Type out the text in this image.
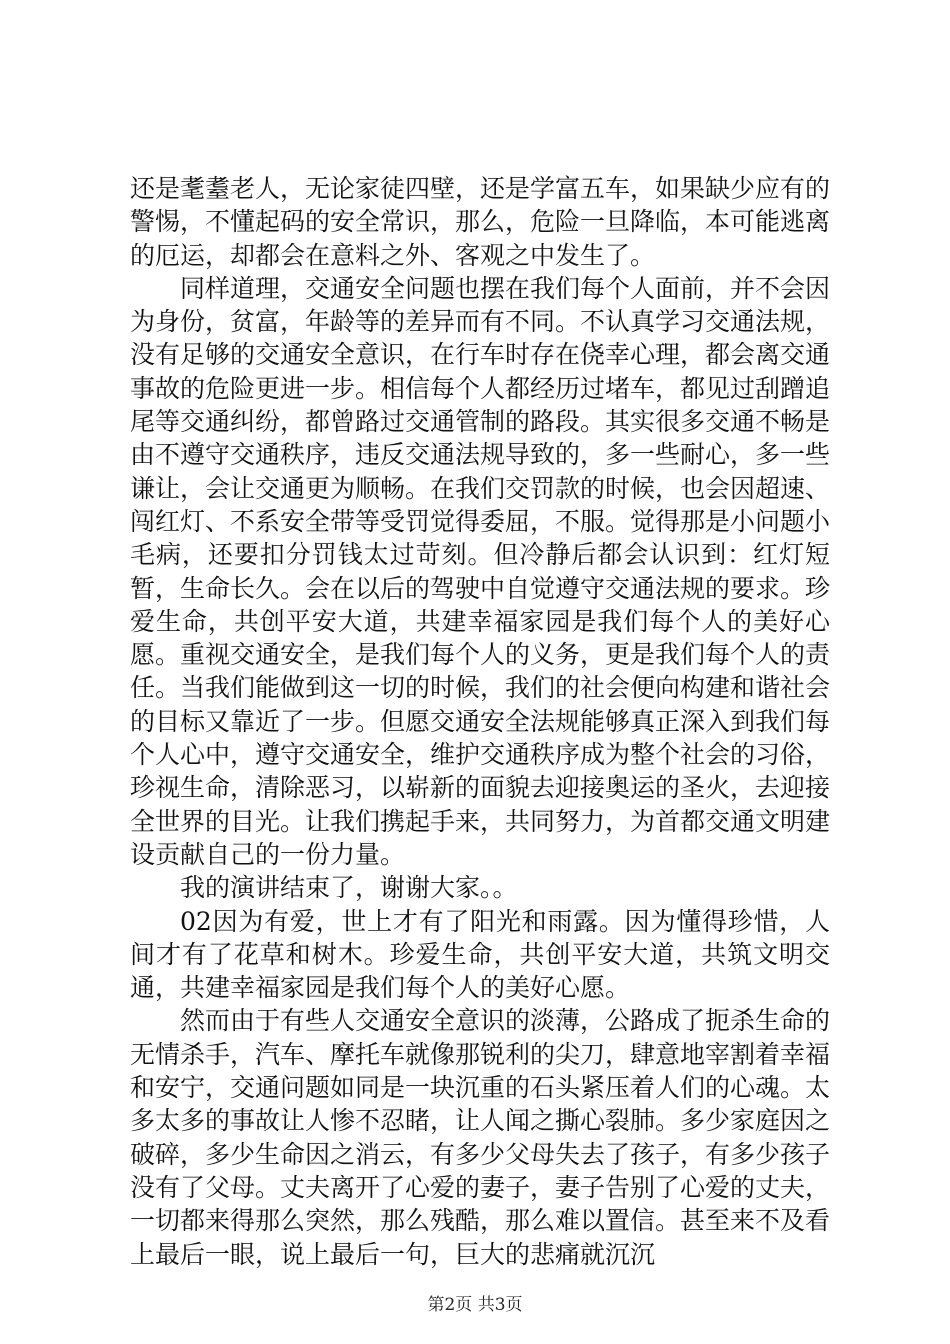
还是耄耋老人，无论家徒四壁，还是学富五车，如果缺少应有的警惕，不懂起码的安全常识，那么，危险一旦降临，本可能逃离的厄运，却都会在意料之外、客观之中发生了。

同样道理，交通安全问题也摆在我们每个人面前，并不会因为身份，贫富，年龄等的差异而有不同。不认真学习交通法规，没有足够的交通安全意识，在行车时存在侥幸心理，都会离交通事故的危险更进一步。相信每个人都经历过堵车，都见过刮蹭追尾等交通纠纷，都曾路过交通管制的路段。其实很多交通不畅是由不遵守交通秩序，违反交通法规导致的，多一些耐心，多一些谦让，会让交通更为顺畅。在我们交罚款的时候，也会因超速、闯红灯、不系安全带等受罚觉得委屈，不服。觉得那是小问题小毛病，还要扣分罚钱太过苛刻。但冷静后都会认识到：红灯短暂，生命长久。会在以后的驾驶中自觉遵守交通法规的要求。珍爱生命，共创平安大道，共建幸福家园是我们每个人的美好心愿。重视交通安全，是我们每个人的义务，更是我们每个人的责任。当我们能做到这一切的时候，我们的社会便向构建和谐社会的目标又靠近了一步。但愿交通安全法规能够真正深入到我们每个人心中，遵守交通安全，维护交通秩序成为整个社会的习俗，珍视生命，清除恶习，以崭新的面貌去迎接奥运的圣火，去迎接全世界的目光。让我们携起手来，共同努力，为首都交通文明建设贡献自己的一份力量。

我的演讲结束了，谢谢大家。。

02因为有爱，世上才有了阳光和雨露。因为懂得珍惜，人间才有了花草和树木。珍爱生命，共创平安大道，共筑文明交通，共建幸福家园是我们每个人的美好心愿。

然而由于有些人交通安全意识的淡薄，公路成了扼杀生命的无情杀手，汽车、摩托车就像那锐利的尖刀，肆意地宰割着幸福和安宁，交通问题如同是一块沉重的石头紧压着人们的心魂。太多太多的事故让人惨不忍睹，让人闻之撕心裂肺。多少家庭因之破碎，多少生命因之消云，有多少父母失去了孩子，有多少孩子没有了父母。丈夫离开了心爱的妻子，妻子告别了心爱的丈夫，一切都来得那么突然，那么残酷，那么难以置信。甚至来不及看上最后一眼，说上最后一句，巨大的悲痛就沉沉

第2页 共3页
